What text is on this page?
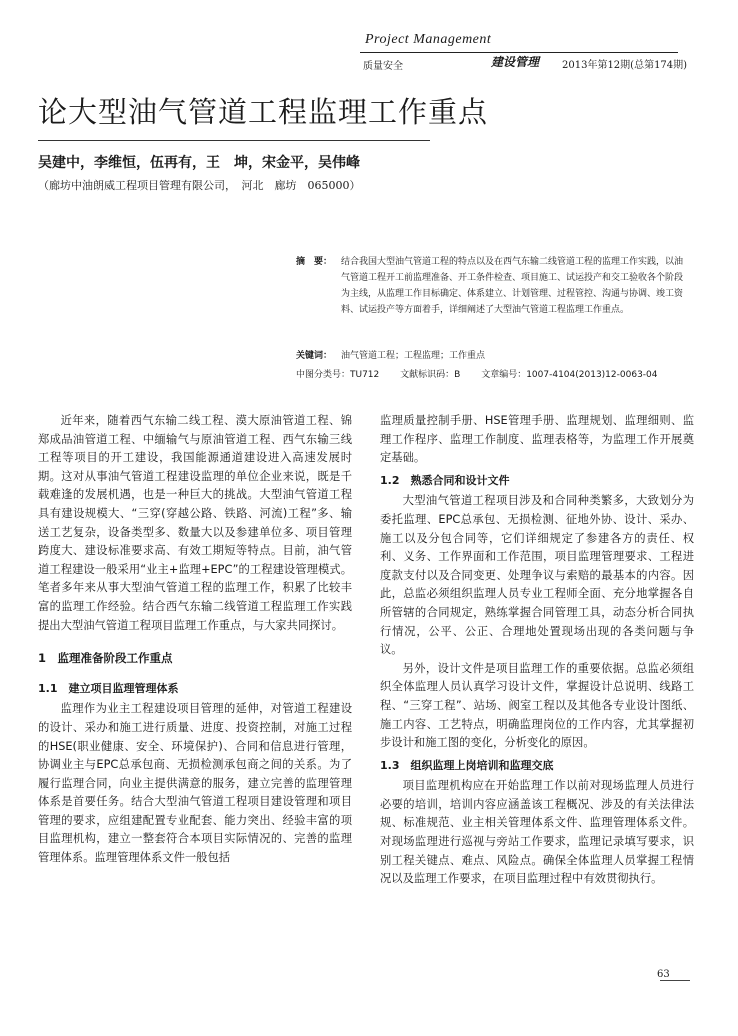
Project Management
质量安全	建设管理 2013年第12期(总第174期)
论大型油气管道工程监理工作重点
吴建中，李维恒，伍再有，王　坤，宋金平，吴伟峰
（廊坊中油朗威工程项目管理有限公司，　河北　廊坊　065000）
摘　要： 结合我国大型油气管道工程的特点以及在西气东输二线管道工程的监理工作实践，以油气管道工程开工前监理准备、开工条件检查、项目施工、试运投产和交工验收各个阶段为主线，从监理工作目标确定、体系建立、计划管理、过程管控、沟通与协调、竣工资料、试运投产等方面着手，详细阐述了大型油气管道工程监理工作重点。
关键词： 油气管道工程；工程监理；工作重点
中图分类号：TU712 文献标识码：B 文章编号：1007-4104(2013)12-0063-04

近年来，随着西气东输二线工程、漠大原油管道工程、锦郑成品油管道工程、中缅输气与原油管道工程、西气东输三线工程等项目的开工建设，我国能源通道建设进入高速发展时期。这对从事油气管道工程建设监理的单位企业来说，既是千载难逢的发展机遇，也是一种巨大的挑战。大型油气管道工程具有建设规模大、“三穿(穿越公路、铁路、河流)工程”多、输送工艺复杂，设备类型多、数量大以及参建单位多、项目管理跨度大、建设标准要求高、有效工期短等特点。目前，油气管道工程建设一般采用“业主+监理+EPC”的工程建设管理模式。笔者多年来从事大型油气管道工程的监理工作，积累了比较丰富的监理工作经验。结合西气东输二线管道工程监理工作实践提出大型油气管道工程项目监理工作重点，与大家共同探讨。

1　监理准备阶段工作重点
1.1　建立项目监理管理体系

监理作为业主工程建设项目管理的延伸，对管道工程建设的设计、采办和施工进行质量、进度、投资控制，对施工过程的HSE(职业健康、安全、环境保护)、合同和信息进行管理，协调业主与EPC总承包商、无损检测承包商之间的关系。为了履行监理合同，向业主提供满意的服务，建立完善的监理管理体系是首要任务。结合大型油气管道工程项目建设管理和项目管理的要求，应组建配置专业配套、能力突出、经验丰富的项目监理机构，建立一整套符合本项目实际情况的、完善的监理管理体系。监理管理体系文件一般包括

监理质量控制手册、HSE管理手册、监理规划、监理细则、监理工作程序、监理工作制度、监理表格等，为监理工作开展奠定基础。

1.2　熟悉合同和设计文件

大型油气管道工程项目涉及和合同种类繁多，大致划分为委托监理、EPC总承包、无损检测、征地外协、设计、采办、施工以及分包合同等，它们详细规定了参建各方的责任、权利、义务、工作界面和工作范围，项目监理管理要求、工程进度款支付以及合同变更、处理争议与索赔的最基本的内容。因此，总监必须组织监理人员专业工程师全面、充分地掌握各自所管辖的合同规定，熟练掌握合同管理工具，动态分析合同执行情况，公平、公正、合理地处置现场出现的各类问题与争议。

另外，设计文件是项目监理工作的重要依据。总监必须组织全体监理人员认真学习设计文件，掌握设计总说明、线路工程、“三穿工程”、站场、阀室工程以及其他各专业设计图纸、施工内容、工艺特点，明确监理岗位的工作内容，尤其掌握初步设计和施工图的变化，分析变化的原因。

1.3　组织监理上岗培训和监理交底

项目监理机构应在开始监理工作以前对现场监理人员进行必要的培训，培训内容应涵盖该工程概况、涉及的有关法律法规、标准规范、业主相关管理体系文件、监理管理体系文件。对现场监理进行巡视与旁站工作要求，监理记录填写要求，识别工程关键点、难点、风险点。确保全体监理人员掌握工程情况以及监理工作要求，在项目监理过程中有效贯彻执行。

63
